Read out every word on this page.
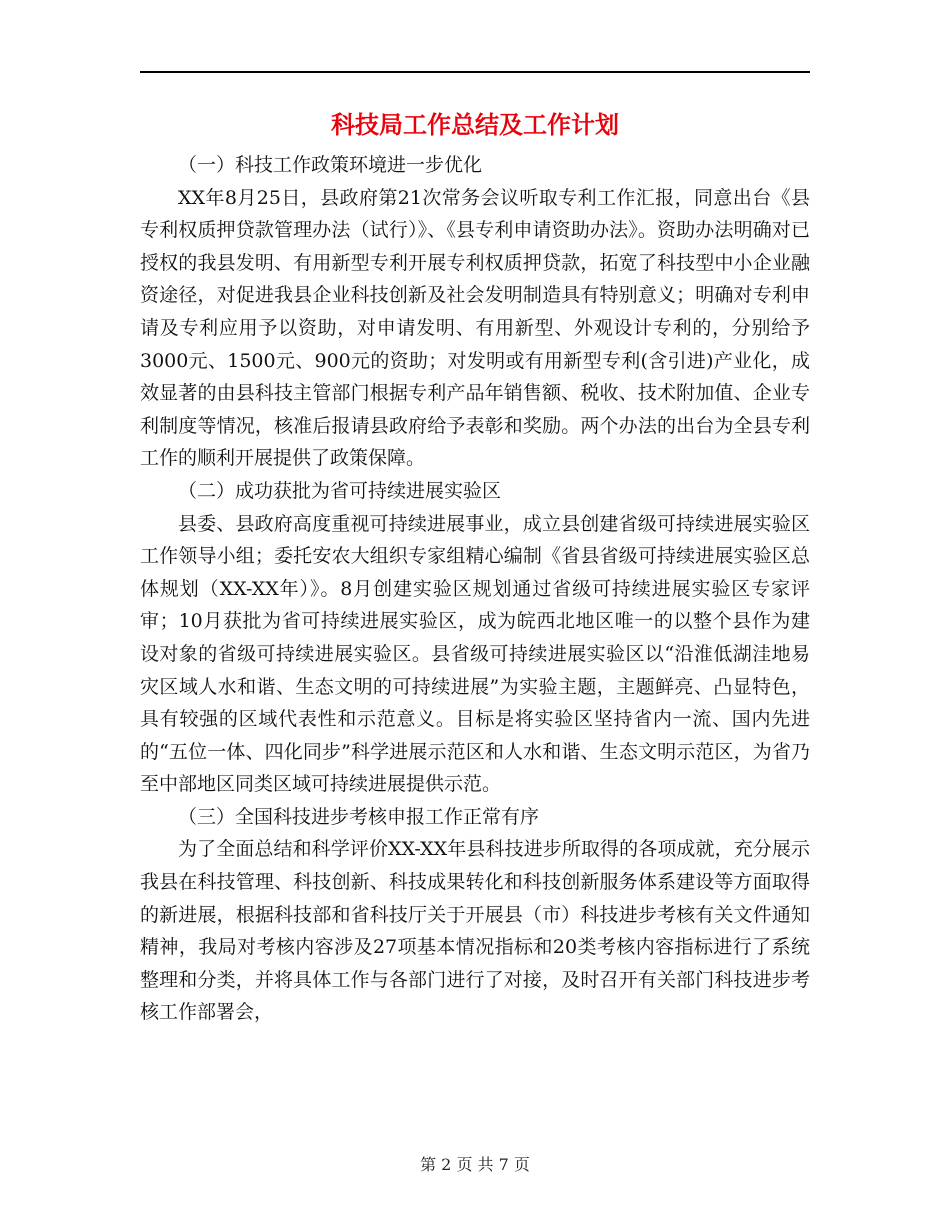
科技局工作总结及工作计划

（一）科技工作政策环境进一步优化

XX年8月25日，县政府第21次常务会议听取专利工作汇报，同意出台《县专利权质押贷款管理办法（试行）》、《县专利申请资助办法》。资助办法明确对已授权的我县发明、有用新型专利开展专利权质押贷款，拓宽了科技型中小企业融资途径，对促进我县企业科技创新及社会发明制造具有特别意义；明确对专利申请及专利应用予以资助，对申请发明、有用新型、外观设计专利的，分别给予3000元、1500元、900元的资助；对发明或有用新型专利(含引进)产业化，成效显著的由县科技主管部门根据专利产品年销售额、税收、技术附加值、企业专利制度等情况，核准后报请县政府给予表彰和奖励。两个办法的出台为全县专利工作的顺利开展提供了政策保障。

（二）成功获批为省可持续进展实验区

县委、县政府高度重视可持续进展事业，成立县创建省级可持续进展实验区工作领导小组；委托安农大组织专家组精心编制《省县省级可持续进展实验区总体规划（XX-XX年）》。8月创建实验区规划通过省级可持续进展实验区专家评审；10月获批为省可持续进展实验区，成为皖西北地区唯一的以整个县作为建设对象的省级可持续进展实验区。县省级可持续进展实验区以“沿淮低湖洼地易灾区域人水和谐、生态文明的可持续进展”为实验主题，主题鲜亮、凸显特色，具有较强的区域代表性和示范意义。目标是将实验区坚持省内一流、国内先进的“五位一体、四化同步”科学进展示范区和人水和谐、生态文明示范区，为省乃至中部地区同类区域可持续进展提供示范。

（三）全国科技进步考核申报工作正常有序

为了全面总结和科学评价XX-XX年县科技进步所取得的各项成就，充分展示我县在科技管理、科技创新、科技成果转化和科技创新服务体系建设等方面取得的新进展，根据科技部和省科技厅关于开展县（市）科技进步考核有关文件通知精神，我局对考核内容涉及27项基本情况指标和20类考核内容指标进行了系统整理和分类，并将具体工作与各部门进行了对接，及时召开有关部门科技进步考核工作部署会，

第 2 页 共 7 页
